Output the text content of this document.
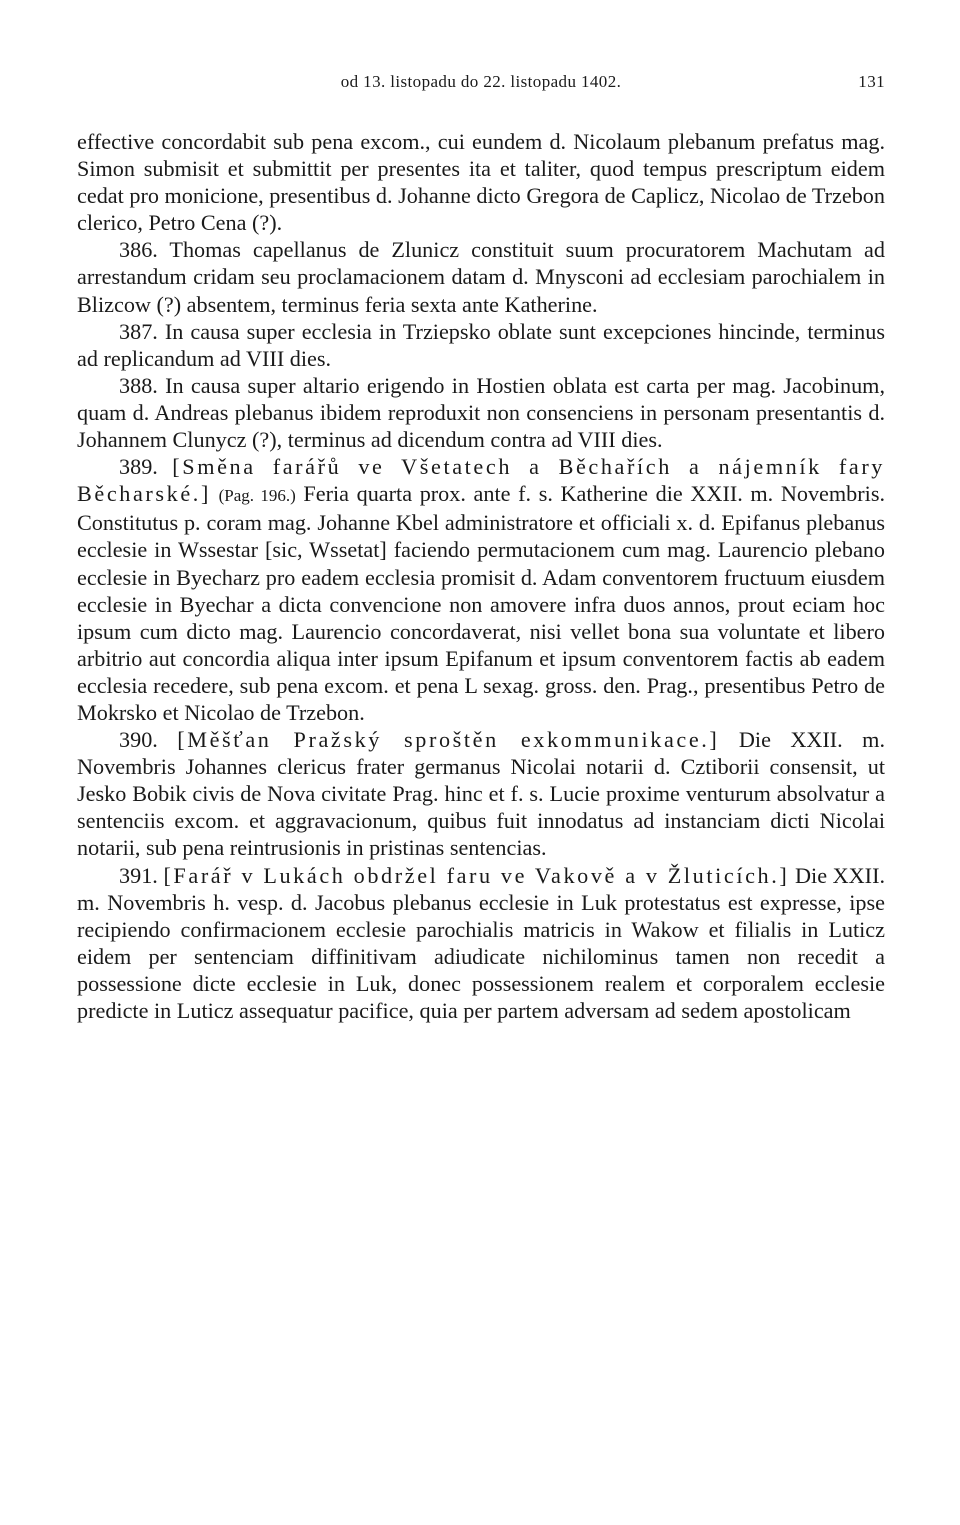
od 13. listopadu do 22. listopadu 1402.	131

effective concordabit sub pena excom., cui eundem d. Nicolaum plebanum prefatus mag. Simon submisit et submittit per presentes ita et taliter, quod tempus prescriptum eidem cedat pro monicione, presentibus d. Johanne dicto Gregora de Caplicz, Nicolao de Trzebon clerico, Petro Cena (?).

386. Thomas capellanus de Zlunicz constituit suum procuratorem Machutam ad arrestandum cridam seu proclamacionem datam d. Mnysconi ad ecclesiam parochialem in Blizcow (?) absentem, terminus feria sexta ante Katherine.

387. In causa super ecclesia in Trziepsko oblate sunt excepciones hincinde, terminus ad replicandum ad VIII dies.

388. In causa super altario erigendo in Hostien oblata est carta per mag. Jacobinum, quam d. Andreas plebanus ibidem reproduxit non consenciens in personam presentantis d. Johannem Clunycz (?), terminus ad dicendum contra ad VIII dies.

389. [Směna farářů ve Všetatech a Běchařích a nájemník fary Běcharské.] (Pag. 196.) Feria quarta prox. ante f. s. Katherine die XXII. m. Novembris. Constitutus p. coram mag. Johanne Kbel administratore et officiali x. d. Epifanus plebanus ecclesie in Wssestar [sic, Wssetat] faciendo permutacionem cum mag. Laurencio plebano ecclesie in Byecharz pro eadem ecclesia promisit d. Adam conventorem fructuum eiusdem ecclesie in Byechar a dicta convencione non amovere infra duos annos, prout eciam hoc ipsum cum dicto mag. Laurencio concordaverat, nisi vellet bona sua voluntate et libero arbitrio aut concordia aliqua inter ipsum Epifanum et ipsum conventorem factis ab eadem ecclesia recedere, sub pena excom. et pena L sexag. gross. den. Prag., presentibus Petro de Mokrsko et Nicolao de Trzebon.

390. [Měšťan Pražský sproštěn exkommunikace.] Die XXII. m. Novembris Johannes clericus frater germanus Nicolai notarii d. Cztiborii consensit, ut Jesko Bobik civis de Nova civitate Prag. hinc et f. s. Lucie proxime venturum absolvatur a sentenciis excom. et aggravacionum, quibus fuit innodatus ad instanciam dicti Nicolai notarii, sub pena reintrusionis in pristinas sentencias.

391. [Farář v Lukách obdržel faru ve Vakově a v Žluticích.] Die XXII. m. Novembris h. vesp. d. Jacobus plebanus ecclesie in Luk protestatus est expresse, ipse recipiendo confirmacionem ecclesie parochialis matricis in Wakow et filialis in Luticz eidem per sentenciam diffinitivam adiudicate nichilominus tamen non recedit a possessione dicte ecclesie in Luk, donec possessionem realem et corporalem ecclesie predicte in Luticz assequatur pacifice, quia per partem adversam ad sedem apostolicam
